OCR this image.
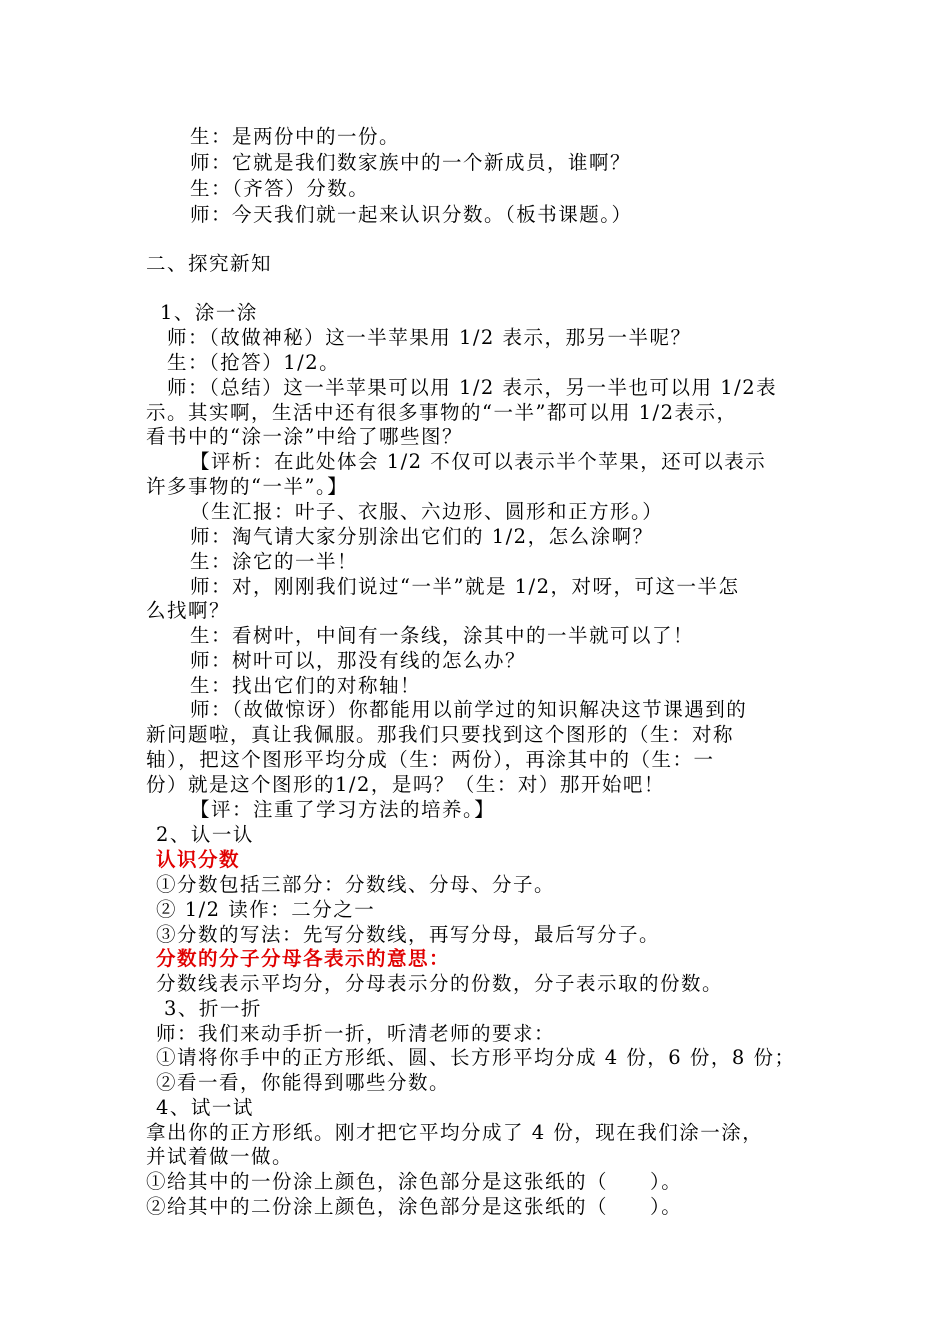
生：是两份中的一份。
师：它就是我们数家族中的一个新成员，谁啊？
生：（齐答）分数。
师：今天我们就一起来认识分数。（板书课题。）
二、探究新知
1、涂一涂
师：（故做神秘）这一半苹果用 1/2 表示，那另一半呢？
生：（抢答）1/2。
师：（总结）这一半苹果可以用 1/2 表示，另一半也可以用 1/2表
示。其实啊，生活中还有很多事物的“一半”都可以用 1/2表示，
看书中的“涂一涂”中给了哪些图？
【评析：在此处体会 1/2 不仅可以表示半个苹果，还可以表示
许多事物的“一半”。】
（生汇报：叶子、衣服、六边形、圆形和正方形。）
师：淘气请大家分别涂出它们的 1/2，怎么涂啊？
生：涂它的一半！
师：对，刚刚我们说过“一半”就是 1/2，对呀，可这一半怎
么找啊？
生：看树叶，中间有一条线，涂其中的一半就可以了！
师：树叶可以，那没有线的怎么办？
生：找出它们的对称轴！
师：（故做惊讶）你都能用以前学过的知识解决这节课遇到的
新问题啦，真让我佩服。那我们只要找到这个图形的（生：对称
轴），把这个图形平均分成（生：两份），再涂其中的（生：一
份）就是这个图形的1/2，是吗？（生：对）那开始吧！
【评：注重了学习方法的培养。】
2、认一认
认识分数
①分数包括三部分：分数线、分母、分子。
② 1/2 读作：二分之一
③分数的写法：先写分数线，再写分母，最后写分子。
分数的分子分母各表示的意思：
分数线表示平均分，分母表示分的份数，分子表示取的份数。
3、折一折
师：我们来动手折一折，听清老师的要求：
①请将你手中的正方形纸、圆、长方形平均分成 4 份，6 份，8 份；
②看一看，你能得到哪些分数。
4、试一试
拿出你的正方形纸。刚才把它平均分成了 4 份，现在我们涂一涂，
并试着做一做。
①给其中的一份涂上颜色，涂色部分是这张纸的（　　）。
②给其中的二份涂上颜色，涂色部分是这张纸的（　　）。
